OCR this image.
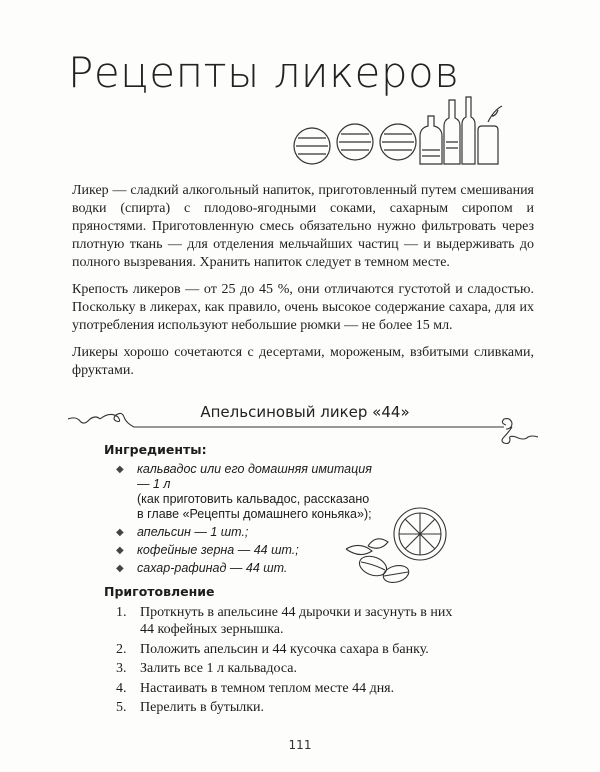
Рецепты ликеров

Ликер — сладкий алкогольный напиток, приготовленный путем смешивания водки (спирта) с плодово-ягодными соками, сахарным сиропом и пряностями. Приготовленную смесь обязательно нужно фильтровать через плотную ткань — для отделения мельчайших частиц — и выдерживать до полного вызревания. Хранить напиток следует в темном месте.

Крепость ликеров — от 25 до 45 %, они отличаются густотой и сладостью. Поскольку в ликерах, как правило, очень высокое содержание сахара, для их употребления используют небольшие рюмки — не более 15 мл.

Ликеры хорошо сочетаются с десертами, мороженым, взбитыми сливками, фруктами.

Апельсиновый ликер «44»
Ингредиенты:
◆ кальвадос или его домашняя имитация — 1 л
(как приготовить кальвадос, рассказано в главе «Рецепты домашнего коньяка»);
◆ апельсин — 1 шт.;
◆ кофейные зерна — 44 шт.;
◆ сахар-рафинад — 44 шт.
Приготовление
1. Проткнуть в апельсине 44 дырочки и засунуть в них 44 кофейных зернышка.
2. Положить апельсин и 44 кусочка сахара в банку.
3. Залить все 1 л кальвадоса.
4. Настаивать в темном теплом месте 44 дня.
5. Перелить в бутылки.
111
